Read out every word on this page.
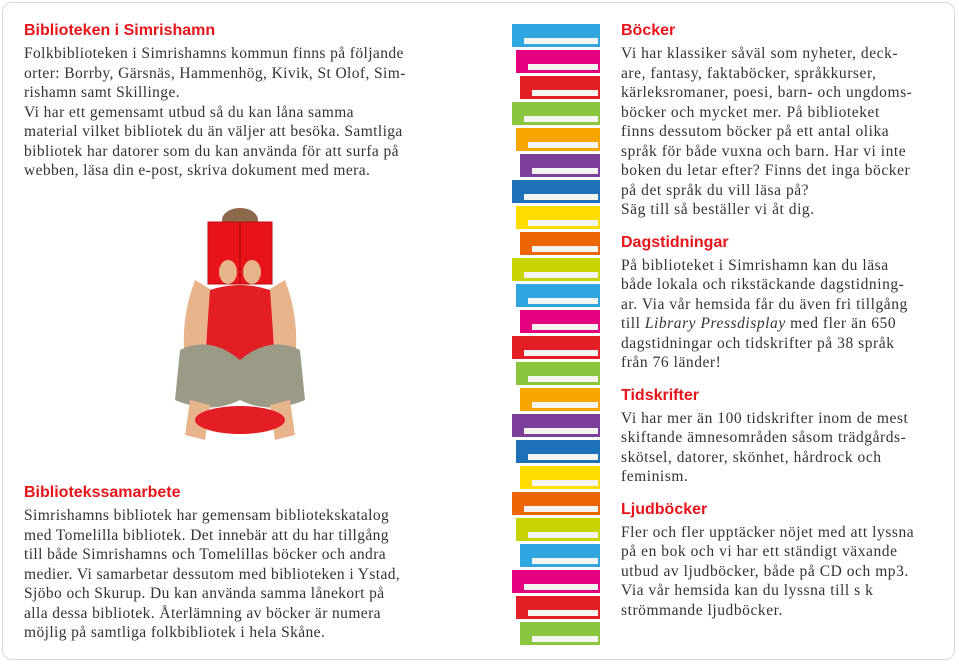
Biblioteken i Simrishamn
Folkbiblioteken i Simrishamns kommun finns på följande
orter: Borrby, Gärsnäs, Hammenhög, Kivik, St Olof, Sim-
rishamn samt Skillinge.
Vi har ett gemensamt utbud så du kan låna samma
material vilket bibliotek du än väljer att besöka. Samtliga
bibliotek har datorer som du kan använda för att surfa på
webben, läsa din e-post, skriva dokument med mera.
Bibliotekssamarbete
Simrishamns bibliotek har gemensam bibliotekskatalog
med Tomelilla bibliotek. Det innebär att du har tillgång
till både Simrishamns och Tomelillas böcker och andra
medier. Vi samarbetar dessutom med biblioteken i Ystad,
Sjöbo och Skurup. Du kan använda samma lånekort på
alla dessa bibliotek. Återlämning av böcker är numera
möjlig på samtliga folkbibliotek i hela Skåne.
Böcker
Vi har klassiker såväl som nyheter, deck-
are, fantasy, faktaböcker, språkkurser,
kärleksromaner, poesi, barn- och ungdoms-
böcker och mycket mer. På biblioteket
finns dessutom böcker på ett antal olika
språk för både vuxna och barn. Har vi inte
boken du letar efter? Finns det inga böcker
på det språk du vill läsa på?
Säg till så beställer vi åt dig.
Dagstidningar
På biblioteket i Simrishamn kan du läsa
både lokala och rikstäckande dagstidning-
ar. Via vår hemsida får du även fri tillgång
till Library Pressdisplay med fler än 650
dagstidningar och tidskrifter på 38 språk
från 76 länder!
Tidskrifter
Vi har mer än 100 tidskrifter inom de mest
skiftande ämnesområden såsom trädgårds-
skötsel, datorer, skönhet, hårdrock och
feminism.
Ljudböcker
Fler och fler upptäcker nöjet med att lyssna
på en bok och vi har ett ständigt växande
utbud av ljudböcker, både på CD och mp3.
Via vår hemsida kan du lyssna till s k
strömmande ljudböcker.
